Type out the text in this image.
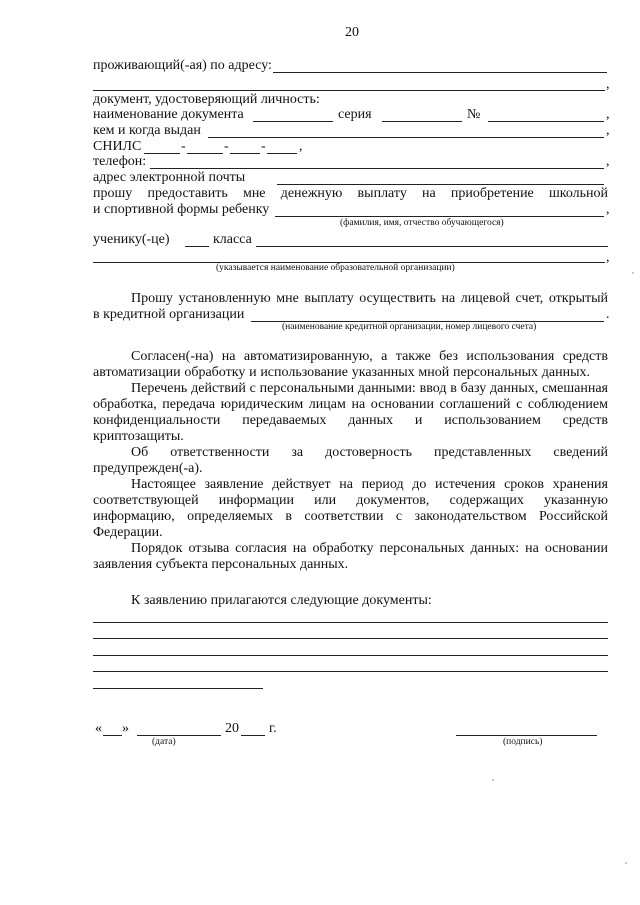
20
проживающий(-ая) по адресу:
,
документ, удостоверяющий личность:
наименование документа	серия	№	,
кем и когда выдан	,
СНИЛС	-	- - ,
телефон:	,
адрес электронной почты
прошу предоставить мне денежную выплату на приобретение школьной
и спортивной формы ребенку	,
(фамилия, имя, отчество обучающегося)
ученику(-це)	класса
,
(указывается наименование образовательной организации)
Прошу установленную мне выплату осуществить на лицевой счет, открытый
в кредитной организации	.
(наименование кредитной организации, номер лицевого счета)
Согласен(-на) на автоматизированную, а также без использования средств
автоматизации обработку и использование указанных мной персональных данных.
Перечень действий с персональными данными: ввод в базу данных, смешанная
обработка, передача юридическим лицам на основании соглашений с соблюдением
конфиденциальности передаваемых данных и использованием средств
криптозащиты.
Об ответственности за достоверность представленных сведений
предупрежден(-а).
Настоящее заявление действует на период до истечения сроков хранения
соответствующей информации или документов, содержащих указанную
информацию, определяемых в соответствии с законодательством Российской
Федерации.
Порядок отзыва согласия на обработку персональных данных: на основании
заявления субъекта персональных данных.
К заявлению прилагаются следующие документы:
« »	20 г.
(дата)	(подпись)
